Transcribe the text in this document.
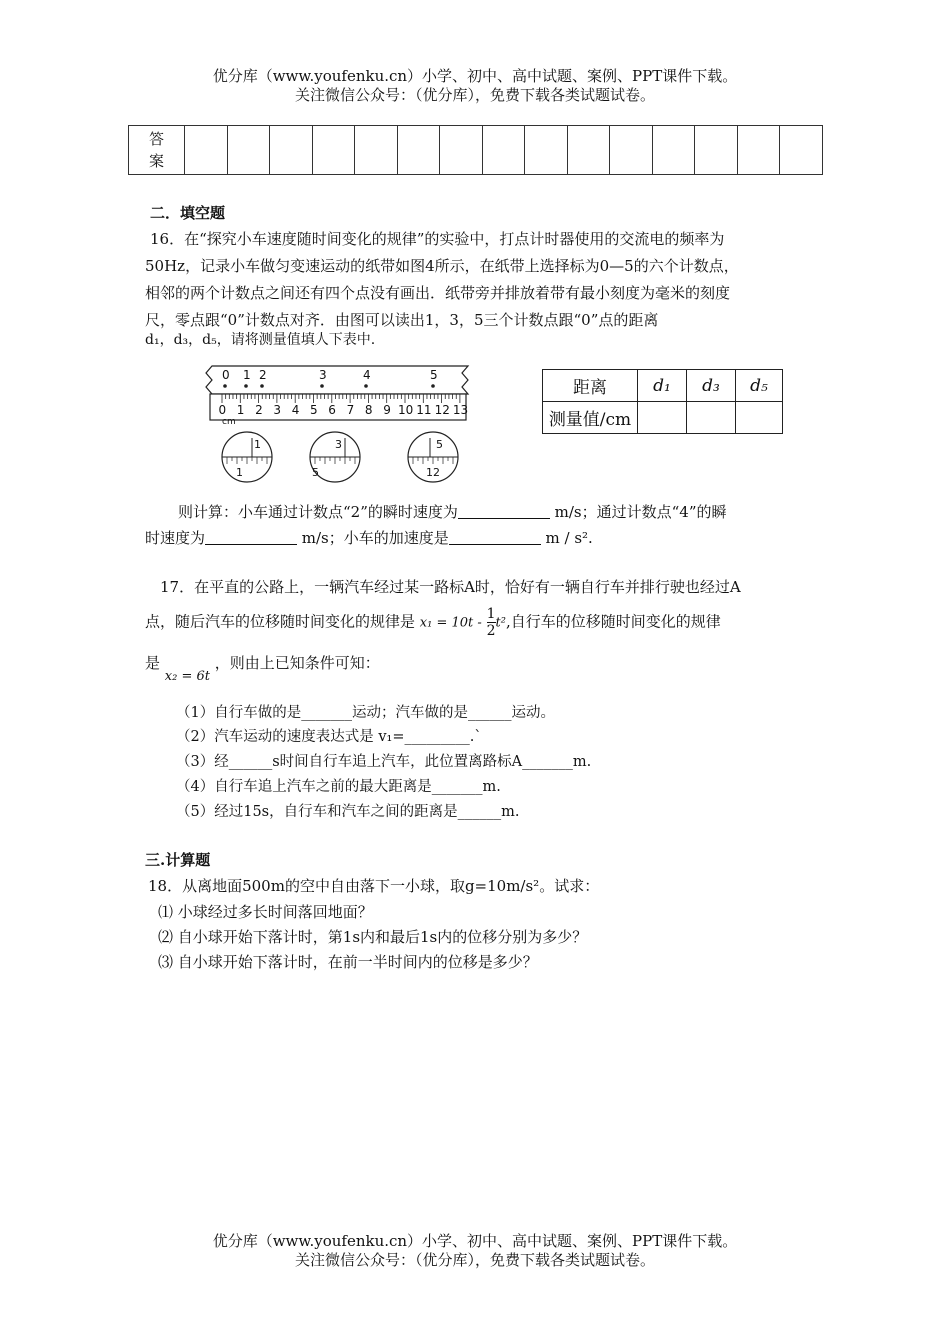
优分库（www.youfenku.cn）小学、初中、高中试题、案例、PPT课件下载。
关注微信公众号：（优分库），免费下载各类试题试卷。
答
案

二．填空题
16．在“探究小车速度随时间变化的规律”的实验中，打点计时器使用的交流电的频率为
50Hz，记录小车做匀变速运动的纸带如图4所示，在纸带上选择标为0—5的六个计数点，
相邻的两个计数点之间还有四个点没有画出．纸带旁并排放着带有最小刻度为毫米的刻度
尺，零点跟“0”计数点对齐．由图可以读出1，3，5三个计数点跟“0”点的距离
d₁，d₃，d₅，请将测量值填人下表中.
0 1 2	3	4	5
0 1 2 3 4 5 6 7 8 9 10 11 12 13
cm
1
1
3
5
5
12
距离	d₁	d₃	d₅
测量值/cm			
则计算：小车通过计数点“2”的瞬时速度为	m/s；通过计数点“4”的瞬
时速度为	m/s；小车的加速度是	m / s².
17．在平直的公路上，一辆汽车经过某一路标A时，恰好有一辆自行车并排行驶也经过A
点，随后汽车的位移随时间变化的规律是 $x_1 = 10t - \frac{1}{2} t^2$,自行车的位移随时间变化的规律
是 x₂ = 6t ，则由上已知条件可知：
（1）自行车做的是_______运动；汽车做的是______运动。
（2）汽车运动的速度表达式是 v₁=_________.`
（3）经______s时间自行车追上汽车，此位置离路标A_______m.
（4）自行车追上汽车之前的最大距离是_______m.
（5）经过15s，自行车和汽车之间的距离是______m.
三.计算题
18．从离地面500m的空中自由落下一小球，取g=10m/s²。试求：
⑴ 小球经过多长时间落回地面？
⑵ 自小球开始下落计时，第1s内和最后1s内的位移分别为多少？
⑶ 自小球开始下落计时，在前一半时间内的位移是多少？
优分库（www.youfenku.cn）小学、初中、高中试题、案例、PPT课件下载。
关注微信公众号：（优分库），免费下载各类试题试卷。
